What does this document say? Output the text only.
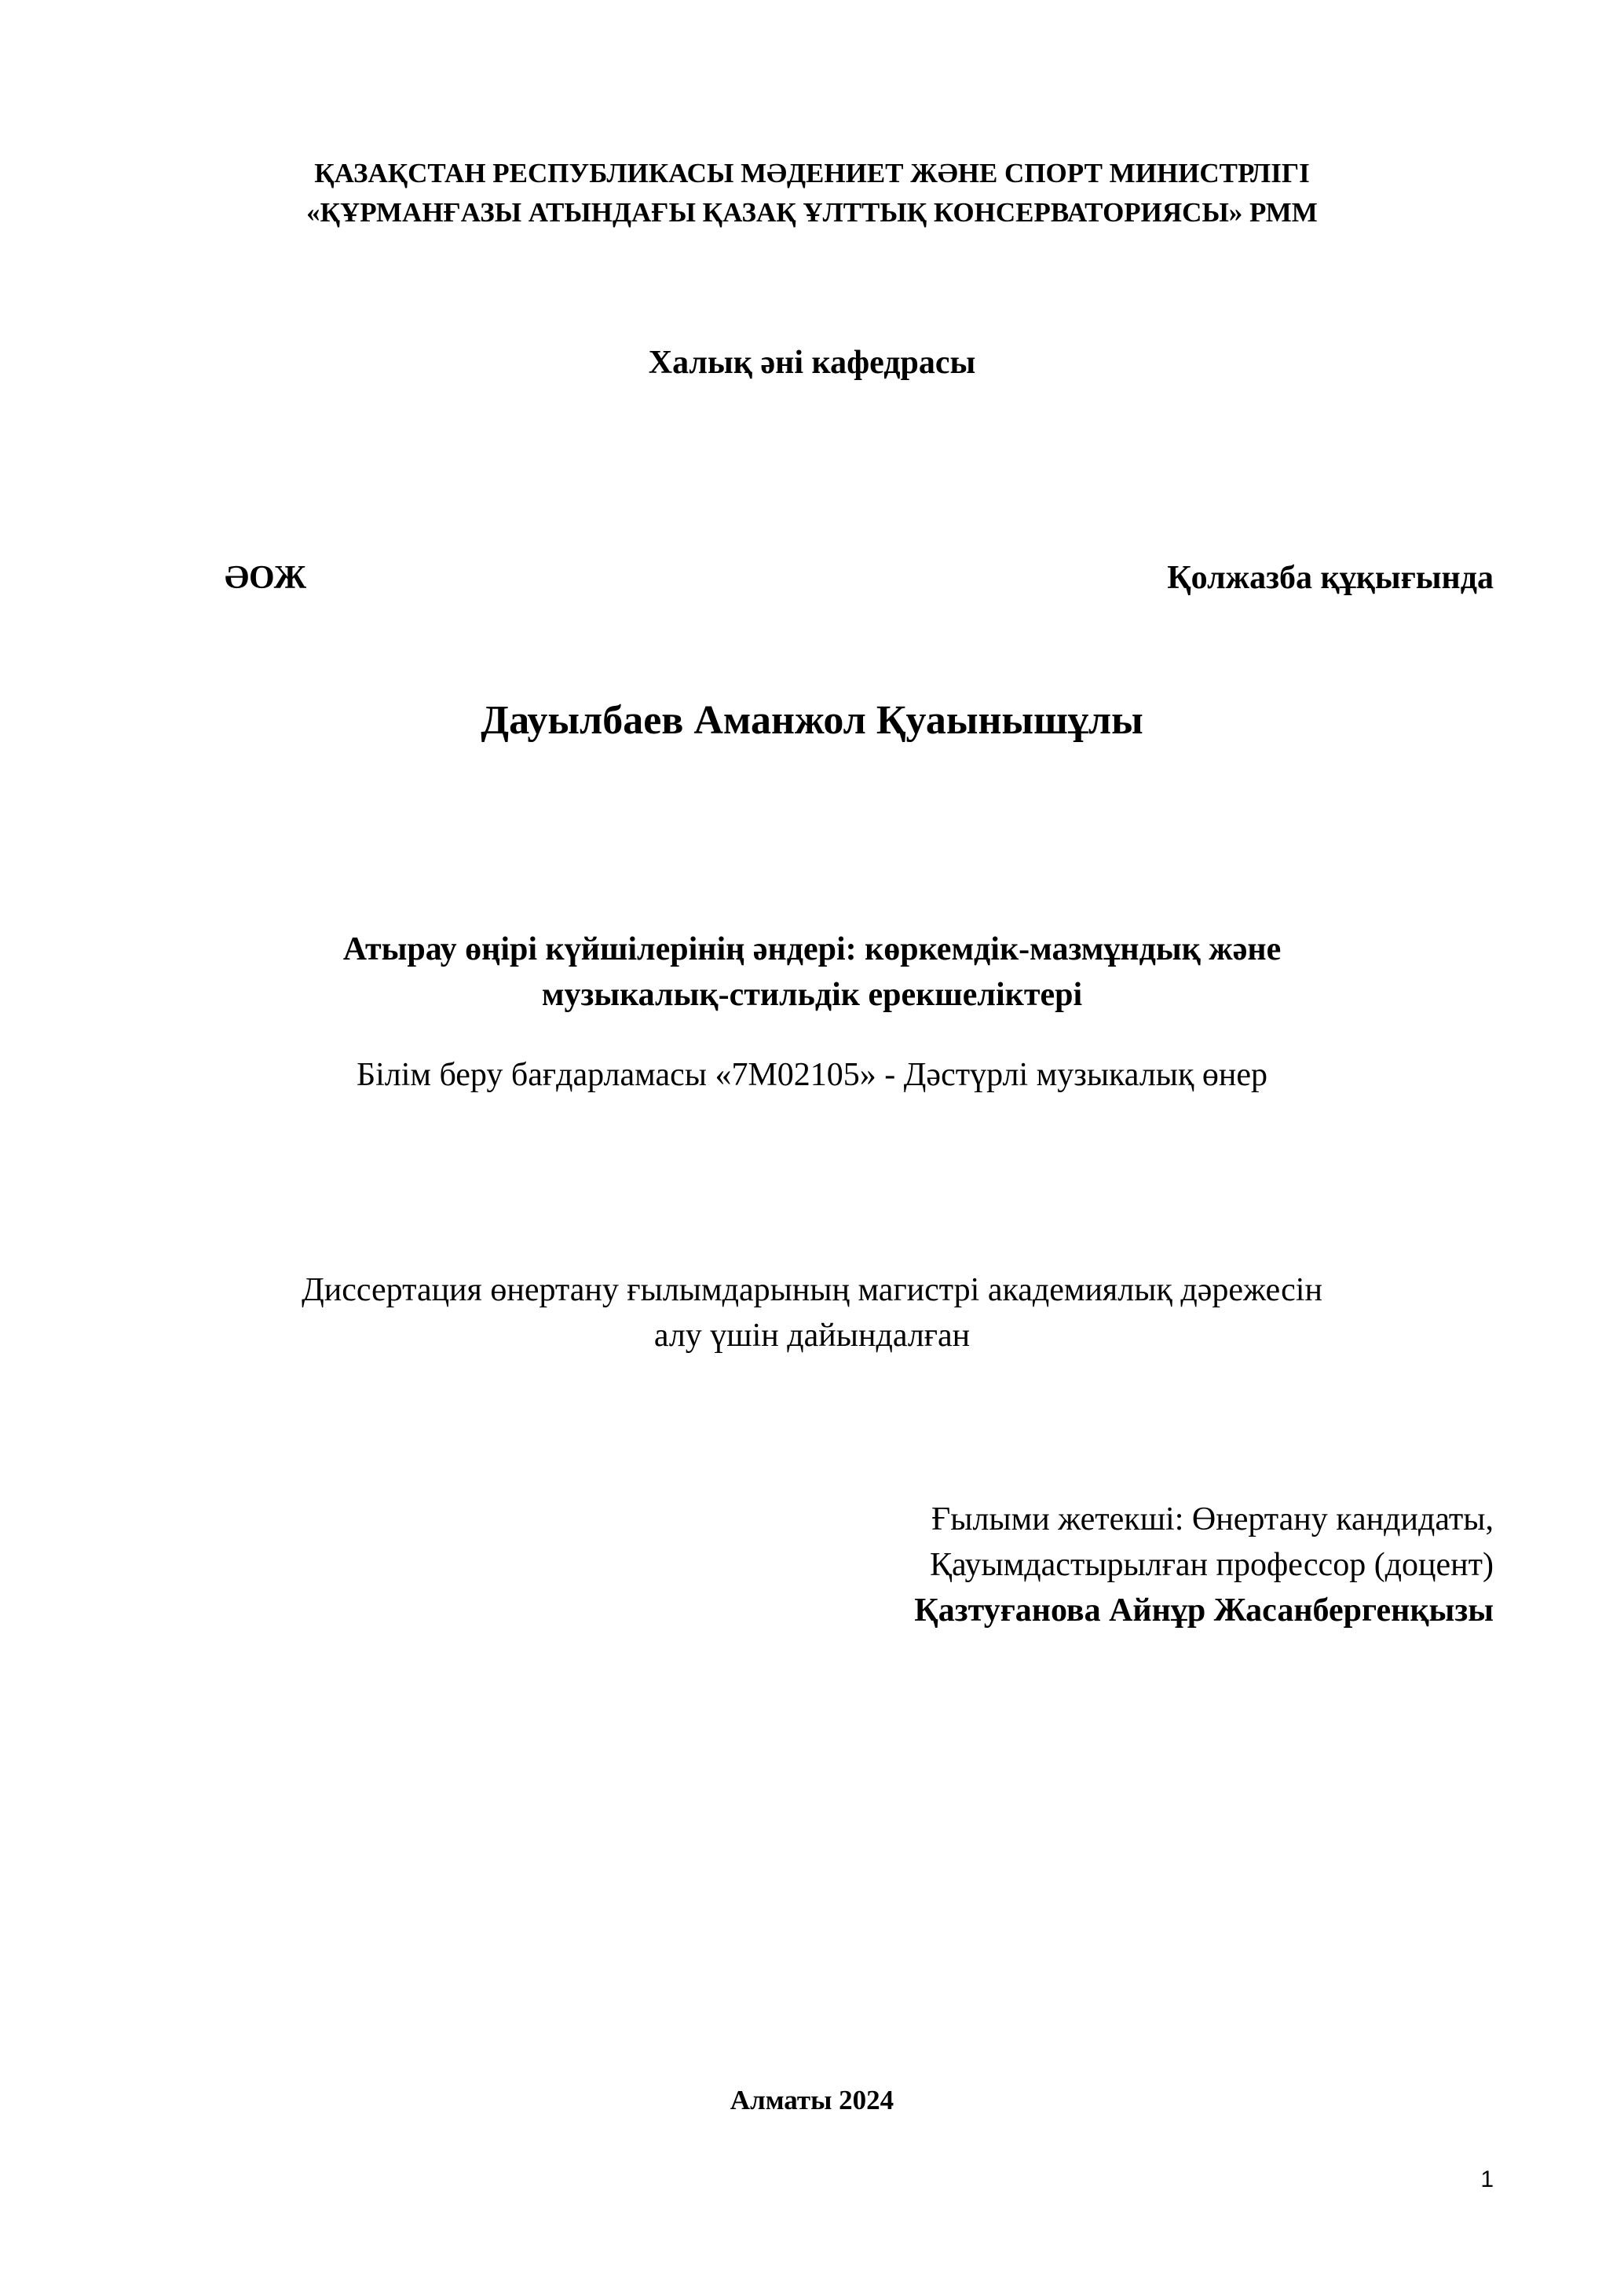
ҚАЗАҚСТАН РЕСПУБЛИКАСЫ МӘДЕНИЕТ ЖӘНЕ СПОРТ МИНИСТРЛІГІ
«ҚҰРМАНҒАЗЫ АТЫНДАҒЫ ҚАЗАҚ ҰЛТТЫҚ КОНСЕРВАТОРИЯСЫ» РММ
Халық әні кафедрасы
ӘОЖ	Қолжазба құқығында
Дауылбаев Аманжол Қуаынышұлы
Атырау өңірі күйшілерінің әндері: көркемдік-мазмұндық және
музыкалық-стильдік ерекшеліктері
Білім беру бағдарламасы «7M02105» - Дәстүрлі музыкалық өнер
Диссертация өнертану ғылымдарының магистрі академиялық дәрежесін
алу үшін дайындалған
Ғылыми жетекші: Өнертану кандидаты,
Қауымдастырылған профессор (доцент)
Қазтуғанова Айнұр Жасанбергенқызы
Алматы 2024
1
